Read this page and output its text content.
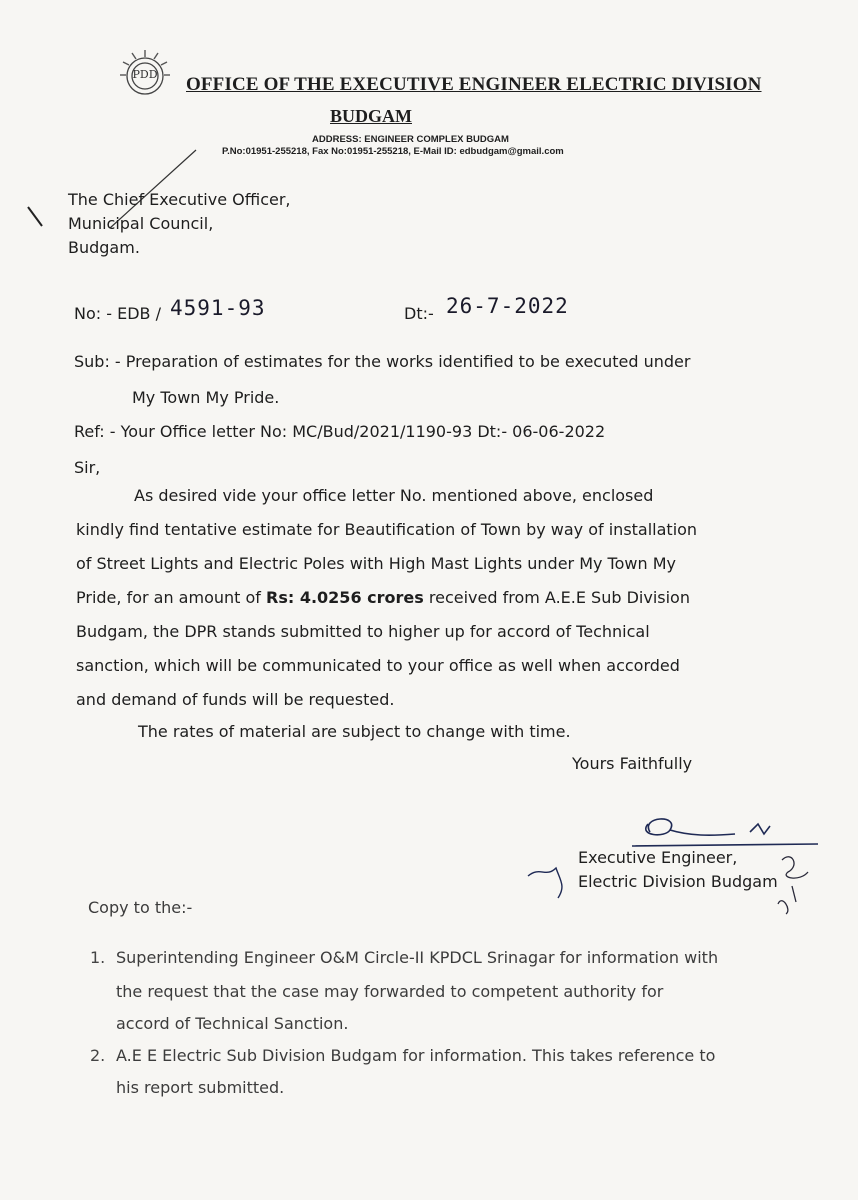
PDD	OFFICE OF THE EXECUTIVE ENGINEER ELECTRIC DIVISION
BUDGAM
ADDRESS: ENGINEER COMPLEX BUDGAM
P.No:01951-255218, Fax No:01951-255218, E-Mail ID: edbudgam@gmail.com
The Chief Executive Officer,
Municipal Council,
Budgam.
No: - EDB / 4591-93	Dt:- 26-7-2022
Sub: - Preparation of estimates for the works identified to be executed under
My Town My Pride.
Ref: - Your Office letter No: MC/Bud/2021/1190-93 Dt:- 06-06-2022
Sir,
As desired vide your office letter No. mentioned above, enclosed
kindly find tentative estimate for Beautification of Town by way of installation
of Street Lights and Electric Poles with High Mast Lights under My Town My
Pride, for an amount of Rs: 4.0256 crores received from A.E.E Sub Division
Budgam, the DPR stands submitted to higher up for accord of Technical
sanction, which will be communicated to your office as well when accorded
and demand of funds will be requested.
The rates of material are subject to change with time.
Yours Faithfully
Executive Engineer,
Electric Division Budgam
Copy to the:-
1. Superintending Engineer O&M Circle-II KPDCL Srinagar for information with
the request that the case may forwarded to competent authority for
accord of Technical Sanction.
2. A.E E Electric Sub Division Budgam for information. This takes reference to
his report submitted.
